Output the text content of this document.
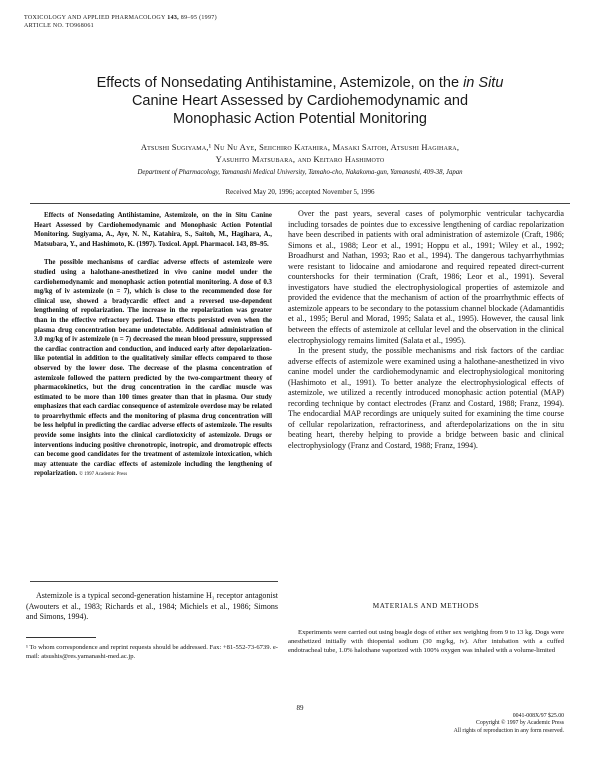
TOXICOLOGY AND APPLIED PHARMACOLOGY 143, 89–95 (1997)
ARTICLE NO. TO968061
Effects of Nonsedating Antihistamine, Astemizole, on the in Situ
Canine Heart Assessed by Cardiohemodynamic and
Monophasic Action Potential Monitoring
Atsushi Sugiyama,¹ Nu Nu Aye, Seiichiro Katahira, Masaki Saitoh, Atsushi Hagihara,
Yasuhito Matsubara, and Keitaro Hashimoto
Department of Pharmacology, Yamanashi Medical University, Tamaho-cho, Nakakoma-gun, Yamanashi, 409-38, Japan
Received May 20, 1996; accepted November 5, 1996

Effects of Nonsedating Antihistamine, Astemizole, on the in Situ Canine Heart Assessed by Cardiohemodynamic and Monophasic Action Potential Monitoring. Sugiyama, A., Aye, N. N., Katahira, S., Saitoh, M., Hagihara, A., Matsubara, Y., and Hashimoto, K. (1997). Toxicol. Appl. Pharmacol. 143, 89–95.

The possible mechanisms of cardiac adverse effects of astemizole were studied using a halothane-anesthetized in vivo canine model under the cardiohemodynamic and monophasic action potential monitoring. A dose of 0.3 mg/kg of iv astemizole (n = 7), which is close to the recommended dose for clinical use, showed a bradycardic effect and a reversed use-dependent lengthening of repolarization. The increase in the repolarization was greater than in the effective refractory period. These effects persisted even when the plasma drug concentration became undetectable. Additional administration of 3.0 mg/kg of iv astemizole (n = 7) decreased the mean blood pressure, suppressed the cardiac contraction and conduction, and induced early after depolarization-like potential in addition to the qualitatively similar effects compared to those observed by the lower dose. The decrease of the plasma concentration of astemizole followed the pattern predicted by the two-compartment theory of pharmacokinetics, but the drug concentration in the cardiac muscle was estimated to be more than 100 times greater than that in plasma. Our study emphasizes that each cardiac consequence of astemizole overdose may be related to proarrhythmic effects and the monitoring of plasma drug concentration will be less helpful in predicting the cardiac adverse effects of astemizole. The results provide some insights into the clinical cardiotoxicity of astemizole. Drugs or interventions inducing positive chronotropic, inotropic, and dromotropic effects can become good candidates for the treatment of astemizole intoxication, which may attenuate the cardiac effects of astemizole including the lengthening of repolarization. © 1997 Academic Press

Astemizole is a typical second-generation histamine H₁ receptor antagonist (Awouters et al., 1983; Richards et al., 1984; Michiels et al., 1986; Simons and Simons, 1994).

¹ To whom correspondence and reprint requests should be addressed. Fax: +81-552-73-6739. e-mail: atsushis@res.yamanashi-med.ac.jp.

Over the past years, several cases of polymorphic ventricular tachycardia including torsades de pointes due to excessive lengthening of cardiac repolarization have been described in patients with oral administration of astemizole (Craft, 1986; Simons et al., 1988; Leor et al., 1991; Hoppu et al., 1991; Wiley et al., 1992; Broadhurst and Nathan, 1993; Rao et al., 1994). The dangerous tachyarrhythmias were resistant to lidocaine and amiodarone and required repeated direct-current countershocks for their termination (Craft, 1986; Leor et al., 1991). Several investigators have studied the electrophysiological properties of astemizole and provided the evidence that the mechanism of action of the proarrhythmic effects of astemizole appears to be secondary to the potassium channel blockade (Adamantidis et al., 1995; Berul and Morad, 1995; Salata et al., 1995). However, the causal link between the effects of astemizole at cellular level and the observation in the clinical electrophysiology remains limited (Salata et al., 1995).

In the present study, the possible mechanisms and risk factors of the cardiac adverse effects of astemizole were examined using a halothane-anesthetized in vivo canine model under the cardiohemodynamic and electrophysiological monitoring (Hashimoto et al., 1991). To better analyze the electrophysiological effects of astemizole, we utilized a recently introduced monophasic action potential (MAP) recording technique by contact electrodes (Franz and Costard, 1988; Franz, 1994). The endocardial MAP recordings are uniquely suited for examining the time course of cellular repolarization, refractoriness, and afterdepolarizations on the in situ beating heart, thereby helping to provide a bridge between basic and clinical electrophysiology (Franz and Costard, 1988; Franz, 1994).

MATERIALS AND METHODS

Experiments were carried out using beagle dogs of either sex weighing from 9 to 13 kg. Dogs were anesthetized initially with thiopental sodium (30 mg/kg, iv). After intubation with a cuffed endotracheal tube, 1.0% halothane vaporized with 100% oxygen was inhaled with a volume-limited

89
0041-008X/97 $25.00
Copyright © 1997 by Academic Press
All rights of reproduction in any form reserved.
